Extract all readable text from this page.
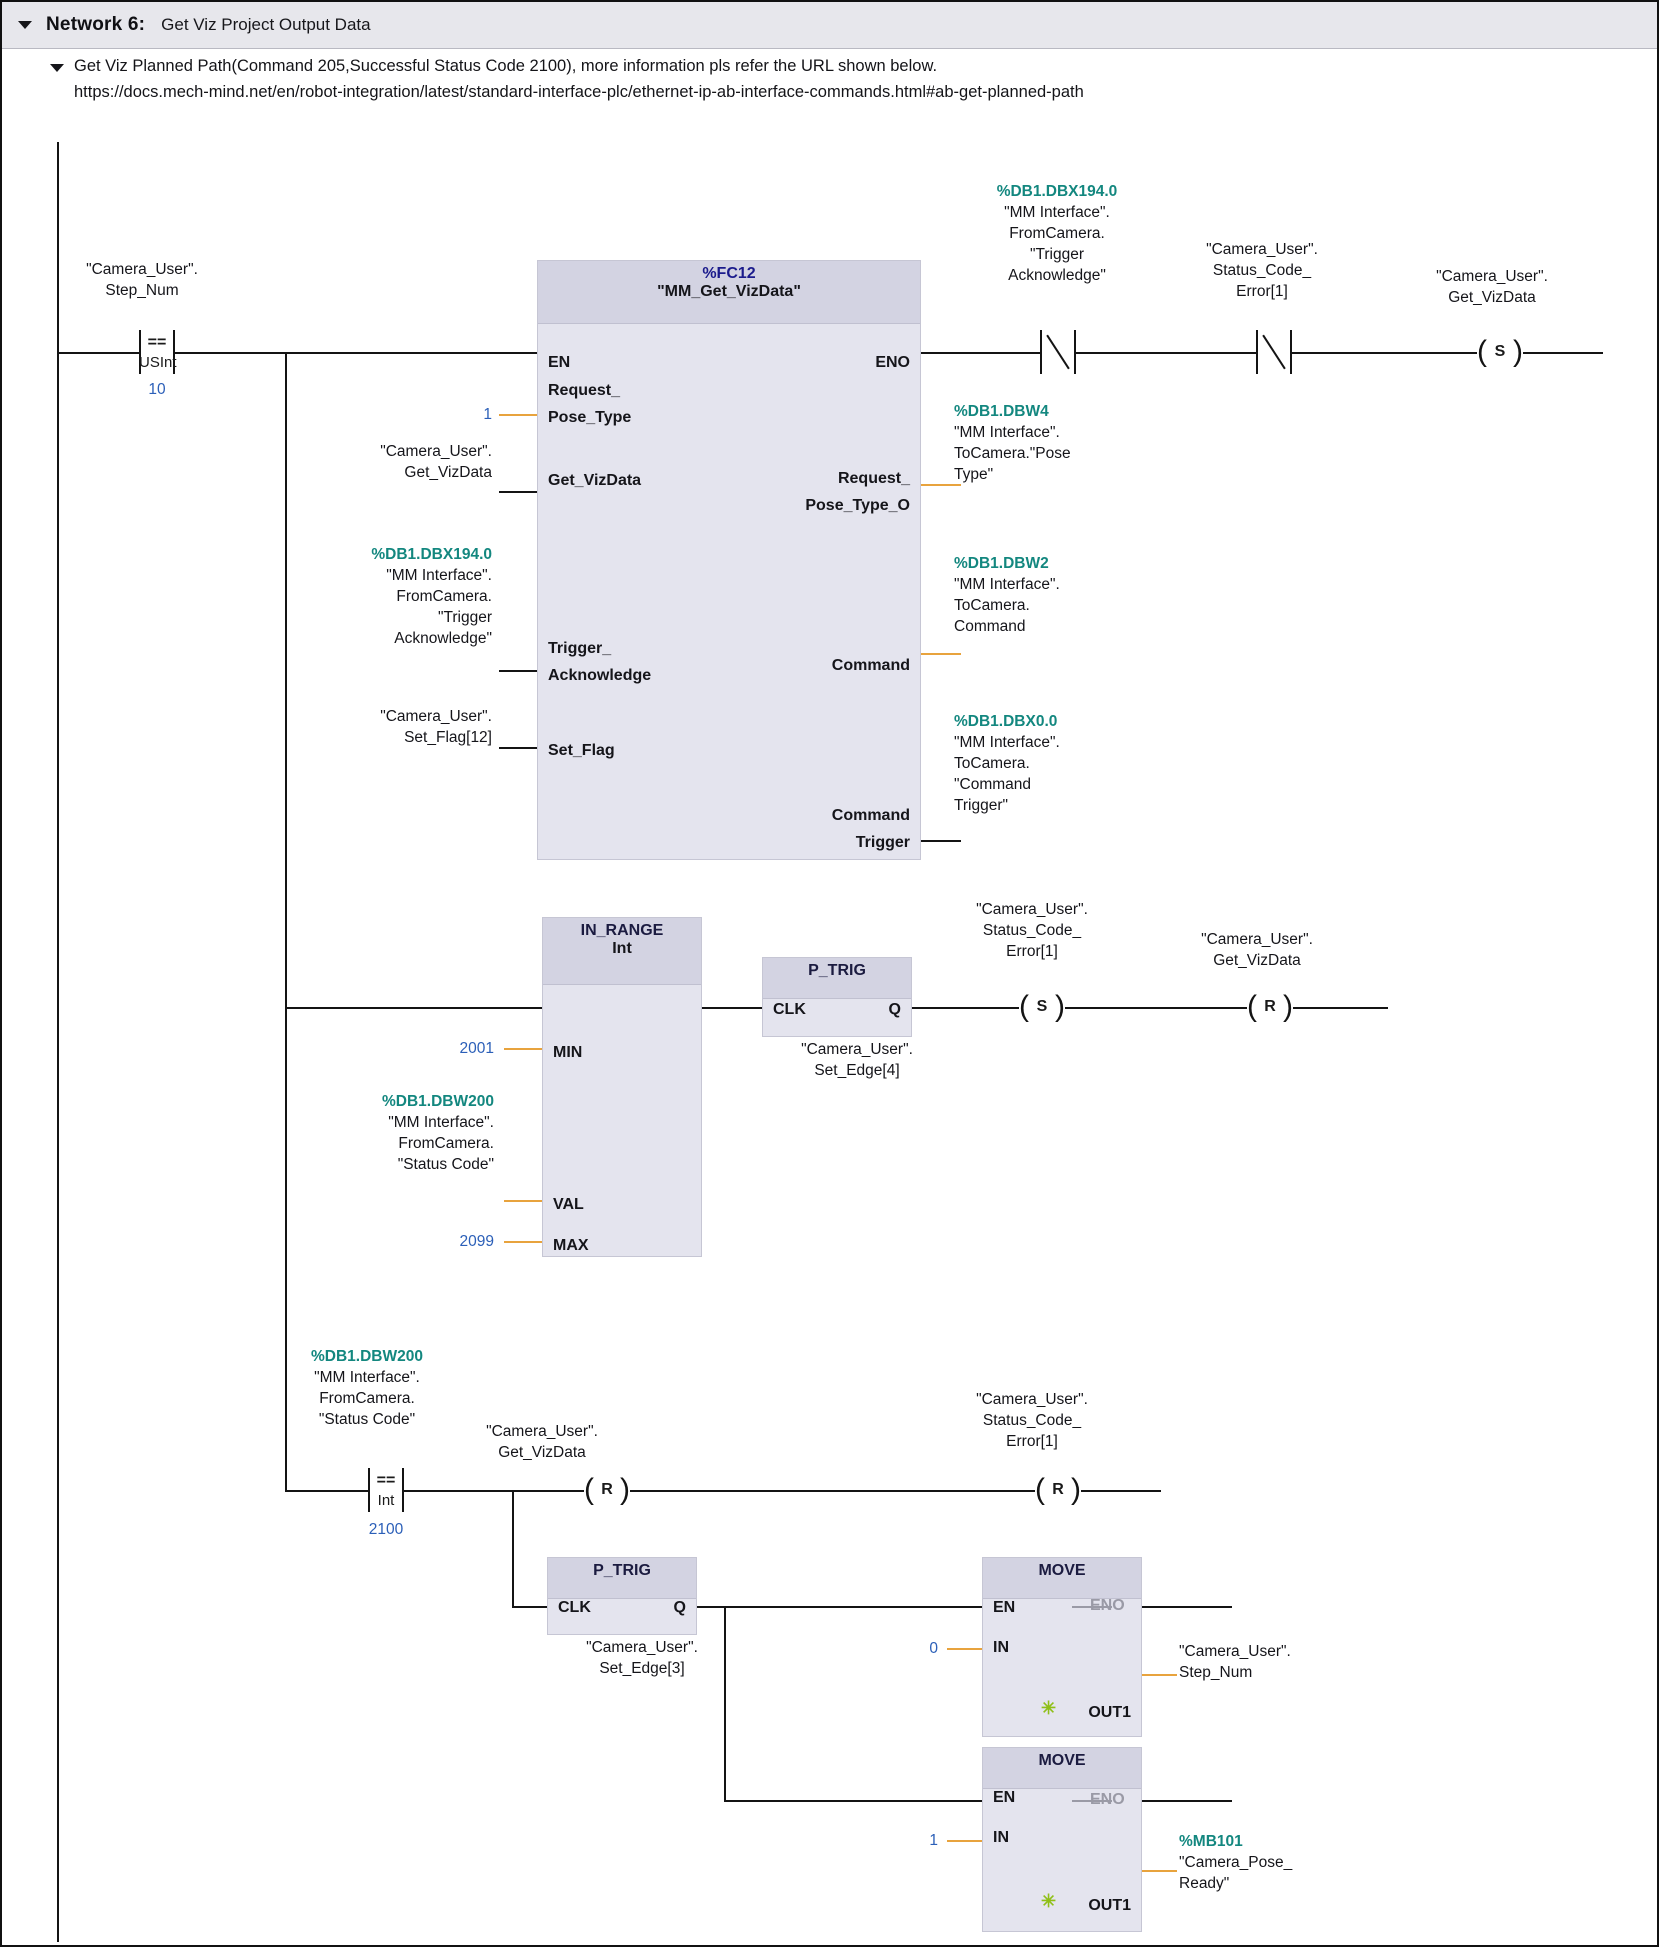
Network 6: Get Viz Project Output Data
Get Viz Planned Path(Command 205,Successful Status Code 2100), more information pls refer the URL shown below.
https://docs.mech-mind.net/en/robot-integration/latest/standard-interface-plc/ethernet-ip-ab-interface-commands.html#ab-get-planned-path
"Camera_User".
Step_Num
==
USInt
10
%FC12
"MM_Get_VizData"
EN	ENO
Request_
Pose_Type
Get_VizData
Trigger_
Acknowledge
Set_Flag
Request_
Pose_Type_O
Command
Command
Trigger
1
"Camera_User".
Get_VizData
%DB1.DBX194.0
"MM Interface".
FromCamera.
"Trigger
Acknowledge"
"Camera_User".
Set_Flag[12]
%DB1.DBW4
"MM Interface".
ToCamera."Pose
Type"
%DB1.DBW2
"MM Interface".
ToCamera.
Command
%DB1.DBX0.0
"MM Interface".
ToCamera.
"Command
Trigger"
%DB1.DBX194.0
"MM Interface".
FromCamera.
"Trigger
Acknowledge"
"Camera_User".
Status_Code_
Error[1]
"Camera_User".
Get_VizData
( )
S
IN_RANGE
Int
MIN
VAL
MAX
2001
%DB1.DBW200
"MM Interface".
FromCamera.
"Status Code"
2099
P_TRIG
CLK	Q
"Camera_User".
Set_Edge[4]
"Camera_User".
Status_Code_
Error[1]
( )
S
"Camera_User".
Get_VizData
( )
R
%DB1.DBW200
"MM Interface".
FromCamera.
"Status Code"
==
Int
2100
"Camera_User".
Get_VizData
( )
R
"Camera_User".
Status_Code_
Error[1]
( )
R
P_TRIG
CLK	Q
"Camera_User".
Set_Edge[3]
MOVE
EN
IN
OUT1
✳
ENO
0	"Camera_User".
Step_Num
MOVE
EN
IN
OUT1
✳
ENO
1	%MB101
"Camera_Pose_
Ready"
